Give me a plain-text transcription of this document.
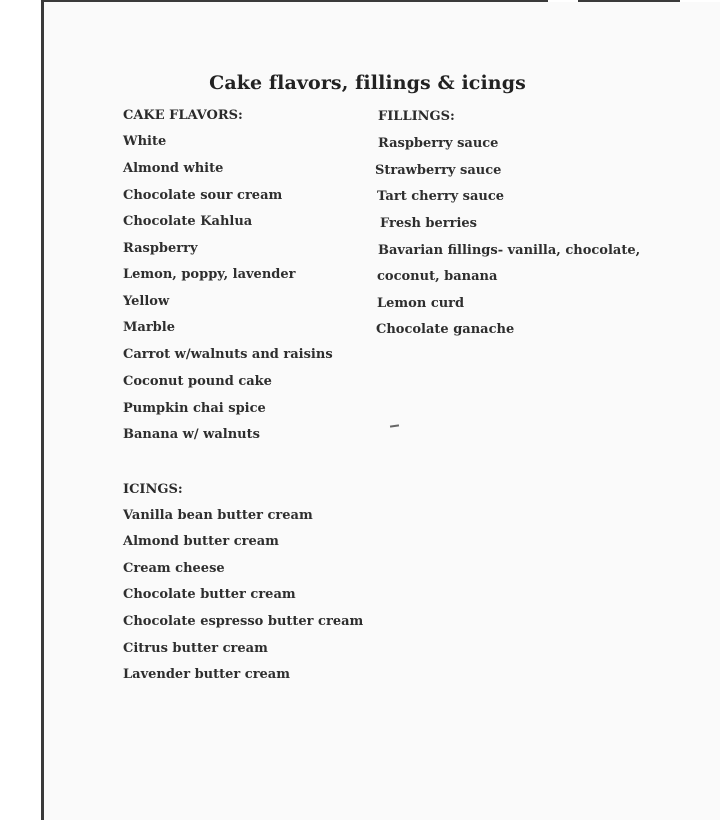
Cake flavors, fillings & icings
CAKE FLAVORS:
White
Almond white
Chocolate sour cream
Chocolate Kahlua
Raspberry
Lemon, poppy, lavender
Yellow
Marble
Carrot w/walnuts and raisins
Coconut pound cake
Pumpkin chai spice
Banana w/ walnuts
FILLINGS:
Raspberry sauce
Strawberry sauce
Tart cherry sauce
Fresh berries
Bavarian fillings- vanilla, chocolate,
coconut, banana
Lemon curd
Chocolate ganache
ICINGS:
Vanilla bean butter cream
Almond butter cream
Cream cheese
Chocolate butter cream
Chocolate espresso butter cream
Citrus butter cream
Lavender butter cream
